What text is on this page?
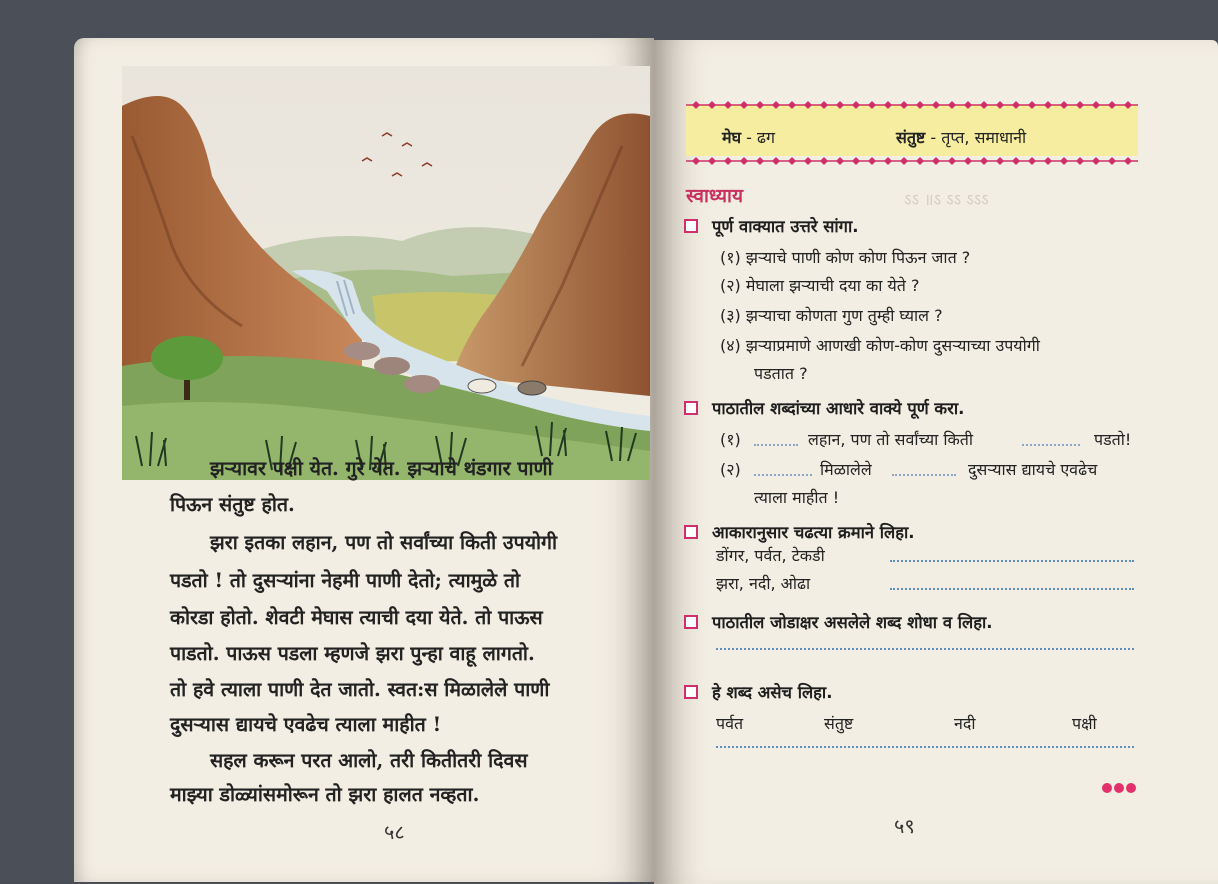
झऱ्यावर पक्षी येत. गुरे येत. झऱ्याचे थंडगार पाणी
पिऊन संतुष्ट होत.
झरा इतका लहान, पण तो सर्वांच्या किती उपयोगी
पडतो ! तो दुसऱ्यांना नेहमी पाणी देतो; त्यामुळे तो
कोरडा होतो. शेवटी मेघास त्याची दया येते. तो पाऊस
पाडतो. पाऊस पडला म्हणजे झरा पुन्हा वाहू लागतो.
तो हवे त्याला पाणी देत जातो. स्वत:स मिळालेले पाणी
दुसऱ्यास द्यायचे एवढेच त्याला माहीत !
सहल करून परत आलो, तरी कितीतरी दिवस
माझ्या डोळ्यांसमोरून तो झरा हालत नव्हता.
५८
ऽऽ ॥ऽ ऽऽ ऽऽऽ
मेघ - ढग	संतुष्ट - तृप्त, समाधानी
स्वाध्याय
पूर्ण वाक्यात उत्तरे सांगा.
(१) झऱ्याचे पाणी कोण कोण पिऊन जात ?
(२) मेघाला झऱ्याची दया का येते ?
(३) झऱ्याचा कोणता गुण तुम्ही घ्याल ?
(४) झऱ्याप्रमाणे आणखी कोण-कोण दुसऱ्याच्या उपयोगी
पडतात ?
पाठातील शब्दांच्या आधारे वाक्ये पूर्ण करा.
(१)	लहान, पण तो सर्वांच्या किती	पडतो!
(२)	मिळालेले	दुसऱ्यास द्यायचे एवढेच
त्याला माहीत !
आकारानुसार चढत्या क्रमाने लिहा.
डोंगर, पर्वत, टेकडी
झरा, नदी, ओढा
पाठातील जोडाक्षर असलेले शब्द शोधा व लिहा.
हे शब्द असेच लिहा.
पर्वत	संतुष्ट	नदी	पक्षी
५९
